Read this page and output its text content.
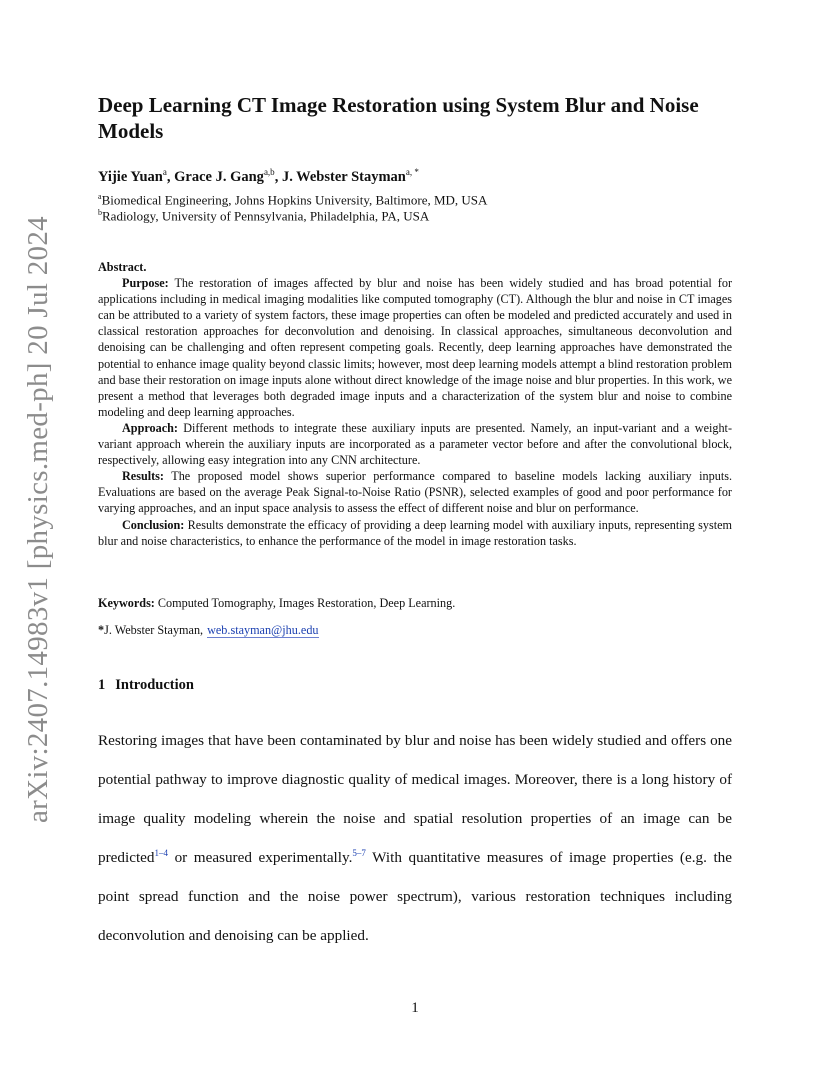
arXiv:2407.14983v1 [physics.med-ph] 20 Jul 2024
Deep Learning CT Image Restoration using System Blur and Noise Models
Yijie Yuan$^a$, Grace J. Gang$^{a,b}$, J. Webster Stayman$^{a, *}$
$^a$Biomedical Engineering, Johns Hopkins University, Baltimore, MD, USA
$^b$Radiology, University of Pennsylvania, Philadelphia, PA, USA

Abstract.

Purpose: The restoration of images affected by blur and noise has been widely studied and has broad potential for applications including in medical imaging modalities like computed tomography (CT). Although the blur and noise in CT images can be attributed to a variety of system factors, these image properties can often be modeled and predicted accurately and used in classical restoration approaches for deconvolution and denoising. In classical approaches, simultaneous deconvolution and denoising can be challenging and often represent competing goals. Recently, deep learning approaches have demonstrated the potential to enhance image quality beyond classic limits; however, most deep learning models attempt a blind restoration problem and base their restoration on image inputs alone without direct knowledge of the image noise and blur properties. In this work, we present a method that leverages both degraded image inputs and a characterization of the system blur and noise to combine modeling and deep learning approaches.

Approach: Different methods to integrate these auxiliary inputs are presented. Namely, an input-variant and a weight-variant approach wherein the auxiliary inputs are incorporated as a parameter vector before and after the convolutional block, respectively, allowing easy integration into any CNN architecture.

Results: The proposed model shows superior performance compared to baseline models lacking auxiliary inputs. Evaluations are based on the average Peak Signal-to-Noise Ratio (PSNR), selected examples of good and poor performance for varying approaches, and an input space analysis to assess the effect of different noise and blur on performance.

Conclusion: Results demonstrate the efficacy of providing a deep learning model with auxiliary inputs, representing system blur and noise characteristics, to enhance the performance of the model in image restoration tasks.

Keywords: Computed Tomography, Images Restoration, Deep Learning.
*J. Webster Stayman, web.stayman@jhu.edu
1 Introduction
Restoring images that have been contaminated by blur and noise has been widely studied and offers one potential pathway to improve diagnostic quality of medical images. Moreover, there is a long history of image quality modeling wherein the noise and spatial resolution properties of an image can be predicted$^{1-4}$ or measured experimentally.$^{5-7}$ With quantitative measures of image properties (e.g. the point spread function and the noise power spectrum), various restoration techniques including deconvolution and denoising can be applied.
1
